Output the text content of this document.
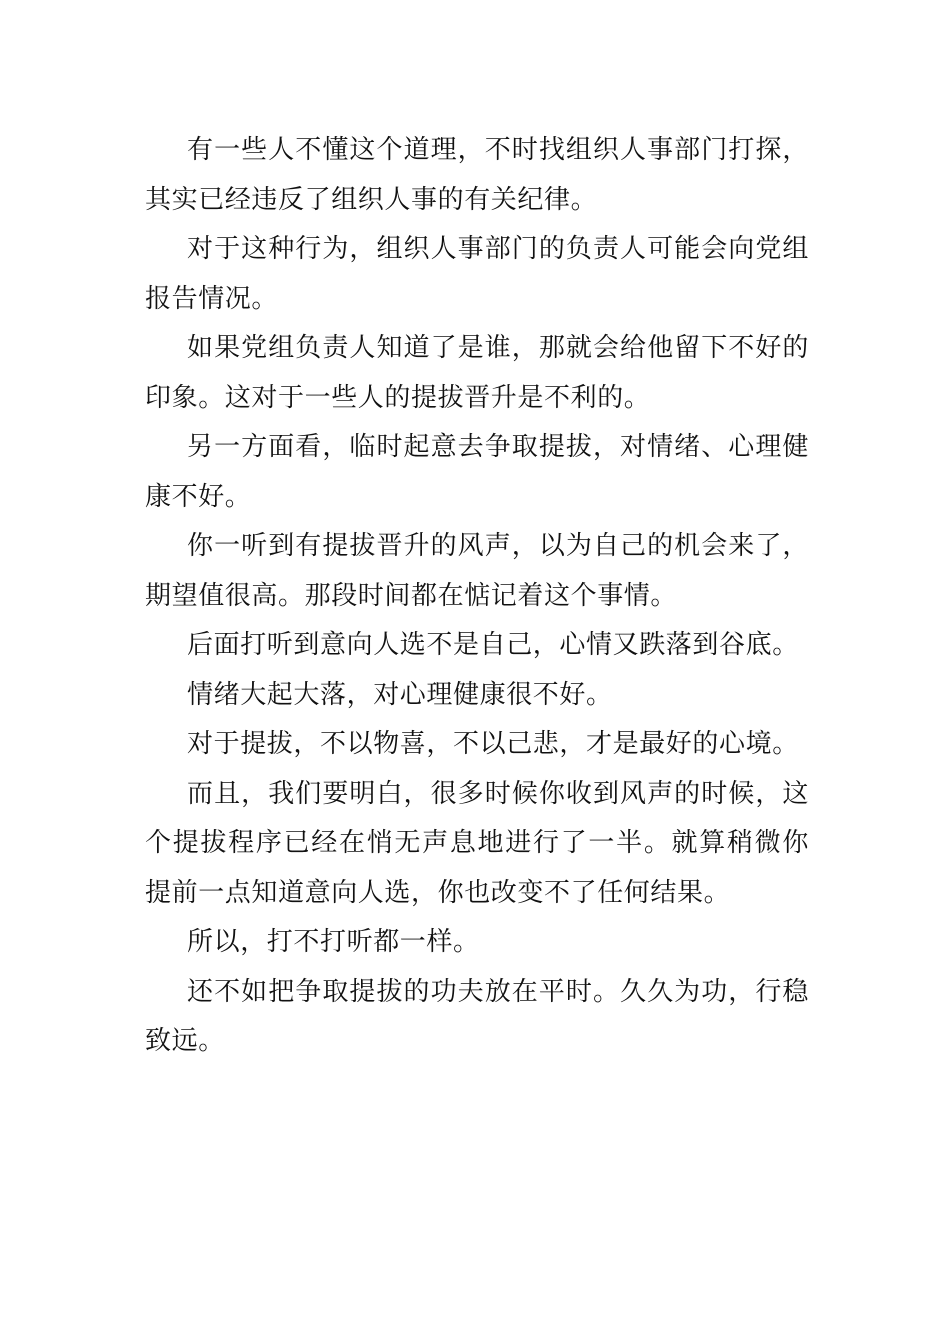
有一些人不懂这个道理，不时找组织人事部门打探，其实已经违反了组织人事的有关纪律。

对于这种行为，组织人事部门的负责人可能会向党组报告情况。

如果党组负责人知道了是谁，那就会给他留下不好的印象。这对于一些人的提拔晋升是不利的。

另一方面看，临时起意去争取提拔，对情绪、心理健康不好。

你一听到有提拔晋升的风声，以为自己的机会来了，期望值很高。那段时间都在惦记着这个事情。

后面打听到意向人选不是自己，心情又跌落到谷底。

情绪大起大落，对心理健康很不好。

对于提拔，不以物喜，不以己悲，才是最好的心境。

而且，我们要明白，很多时候你收到风声的时候，这个提拔程序已经在悄无声息地进行了一半。就算稍微你提前一点知道意向人选，你也改变不了任何结果。

所以，打不打听都一样。

还不如把争取提拔的功夫放在平时。久久为功，行稳致远。
